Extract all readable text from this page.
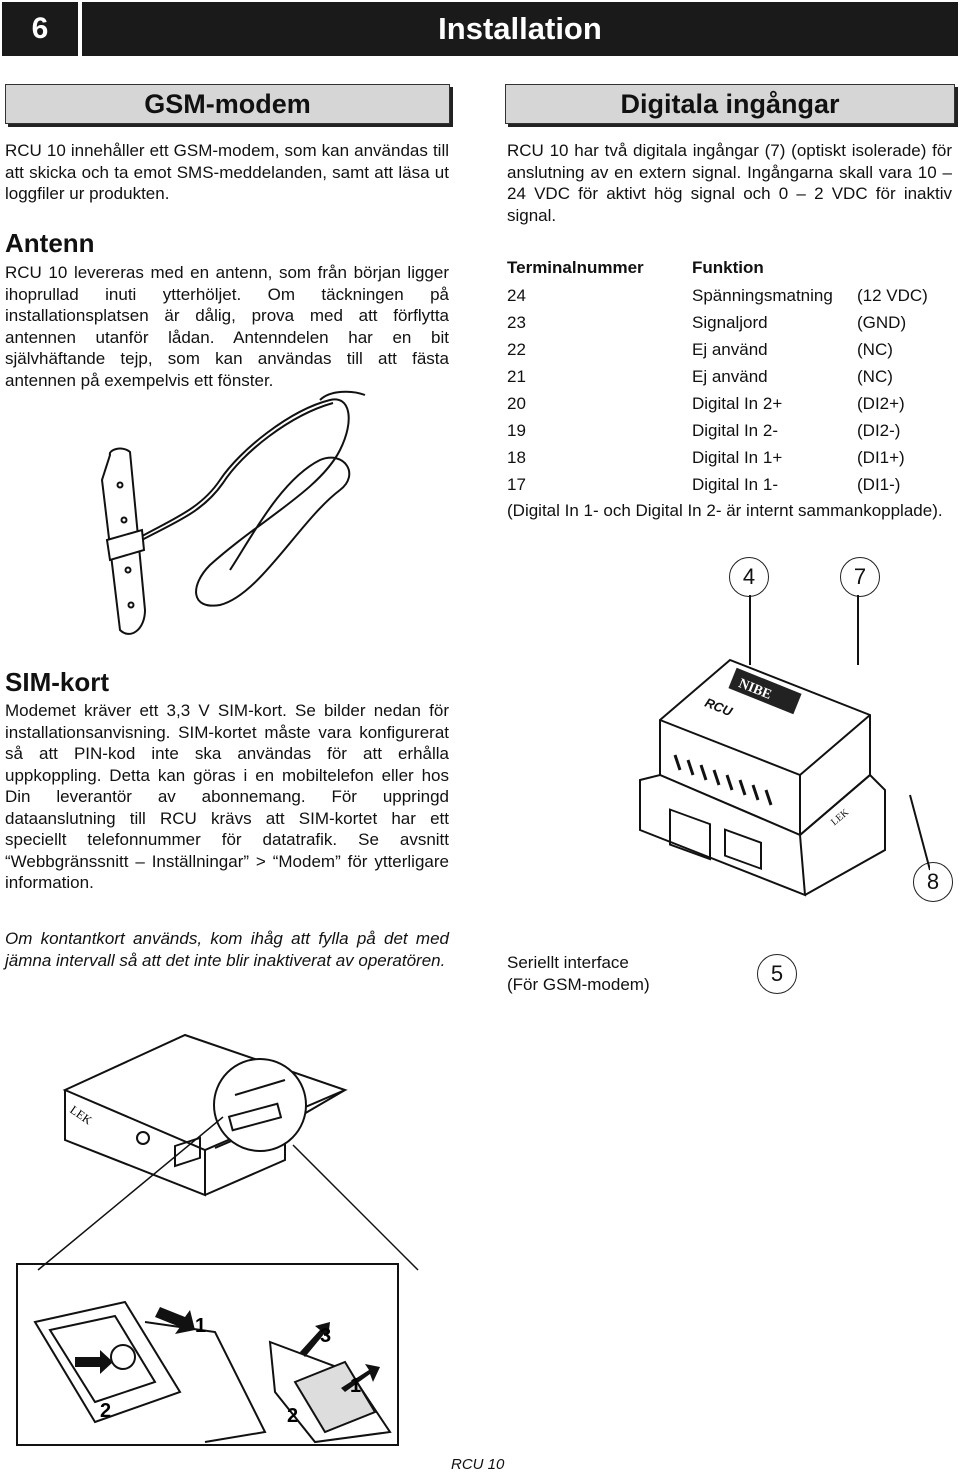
6	Installation
GSM-modem
RCU 10 innehåller ett GSM-modem, som kan användas till att skicka och ta emot SMS-meddelanden, samt att läsa ut loggfiler ur produkten.
Antenn
RCU 10 levereras med en antenn, som från början ligger ihoprullad inuti ytterhöljet. Om täckningen på installationsplatsen är dålig, prova med att förflytta antennen utanför lådan. Antenndelen har en bit självhäftande tejp, som kan användas till att fästa antennen på exempelvis ett fönster.
SIM-kort
Modemet kräver ett 3,3 V SIM-kort. Se bilder nedan för installationsanvisning. SIM-kortet måste vara konfigurerat så att PIN-kod inte ska användas för att erhålla uppkoppling. Detta kan göras i en mobiltelefon eller hos Din leverantör av abonnemang. För uppringd dataanslutning till RCU krävs att SIM-kortet har ett speciellt telefonnummer för datatrafik. Se avsnitt “Webbgränssnitt – Inställningar” > “Modem” för ytterligare information.
Om kontantkort används, kom ihåg att fylla på det med jämna intervall så att det inte blir inaktiverat av operatören.
Digitala ingångar
RCU 10 har två digitala ingångar (7) (optiskt isolerade) för anslutning av en extern signal. Ingångarna skall vara 10 – 24 VDC för aktivt hög signal och 0 – 2 VDC för inaktiv signal.
Terminalnummer	Funktion
24	Spänningsmatning (12 VDC)
23	Signaljord	(GND)
22	Ej använd	(NC)
21	Ej använd	(NC)
20	Digital In 2+	(DI2+)
19	Digital In 2-	(DI2-)
18	Digital In 1+	(DI1+)
17	Digital In 1-	(DI1-)
(Digital In 1- och Digital In 2- är internt sammankopplade).
4	7
8
5
NIBE
RCU
LEK
Seriellt interface
(För GSM-modem)
LEK
2
1	3
1
2
RCU 10
